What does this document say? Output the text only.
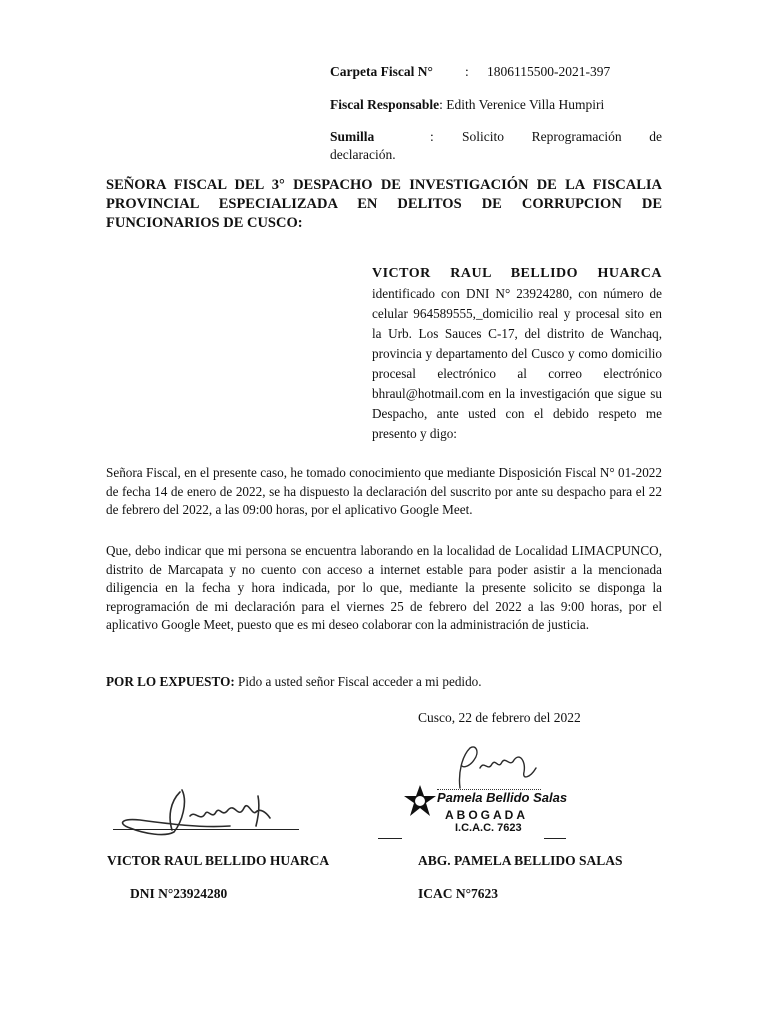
Carpeta Fiscal N° : 1806115500-2021-397
Fiscal Responsable: Edith Verenice Villa Humpiri
Sumilla	: Solicito Reprogramación de
declaración.
SEÑORA FISCAL DEL 3° DESPACHO DE INVESTIGACIÓN DE LA FISCALIA PROVINCIAL ESPECIALIZADA EN DELITOS DE CORRUPCION DE FUNCIONARIOS DE CUSCO:
VICTOR RAUL BELLIDO HUARCA
identificado con DNI N° 23924280, con número de celular 964589555,_domicilio real y procesal sito en la Urb. Los Sauces C-17, del distrito de Wanchaq, provincia y departamento del Cusco y como domicilio procesal electrónico al correo electrónico bhraul@hotmail.com en la investigación que sigue su Despacho, ante usted con el debido respeto me presento y digo:
Señora Fiscal, en el presente caso, he tomado conocimiento que mediante Disposición Fiscal N° 01-2022 de fecha 14 de enero de 2022, se ha dispuesto la declaración del suscrito por ante su despacho para el 22 de febrero del 2022, a las 09:00 horas, por el aplicativo Google Meet.
Que, debo indicar que mi persona se encuentra laborando en la localidad de Localidad LIMACPUNCO, distrito de Marcapata y no cuento con acceso a internet estable para poder asistir a la mencionada diligencia en la fecha y hora indicada, por lo que, mediante la presente solicito se disponga la reprogramación de mi declaración para el viernes 25 de febrero del 2022 a las 9:00 horas, por el aplicativo Google Meet, puesto que es mi deseo colaborar con la administración de justicia.
POR LO EXPUESTO: Pido a usted señor Fiscal acceder a mi pedido.
Cusco, 22 de febrero del 2022
Pamela Bellido Salas
ABOGADA
I.C.A.C. 7623
VICTOR RAUL BELLIDO HUARCA
DNI N°23924280
ABG. PAMELA BELLIDO SALAS
ICAC N°7623
